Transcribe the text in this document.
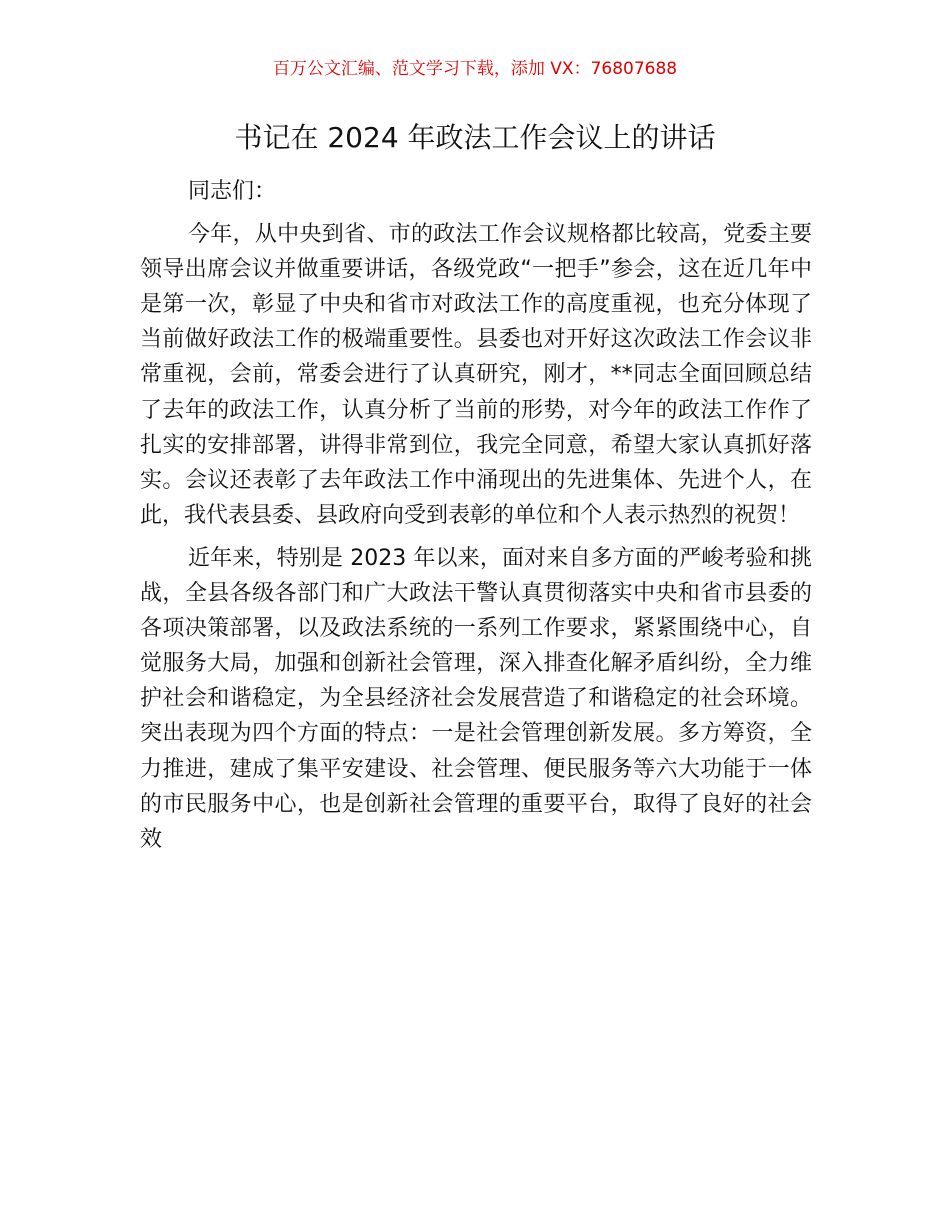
百万公文汇编、范文学习下载，添加 VX：76807688
书记在 2024 年政法工作会议上的讲话

同志们：

今年，从中央到省、市的政法工作会议规格都比较高，党委主要领导出席会议并做重要讲话，各级党政“一把手”参会，这在近几年中是第一次，彰显了中央和省市对政法工作的高度重视，也充分体现了当前做好政法工作的极端重要性。县委也对开好这次政法工作会议非常重视，会前，常委会进行了认真研究，刚才，**同志全面回顾总结了去年的政法工作，认真分析了当前的形势，对今年的政法工作作了扎实的安排部署，讲得非常到位，我完全同意，希望大家认真抓好落实。会议还表彰了去年政法工作中涌现出的先进集体、先进个人，在此，我代表县委、县政府向受到表彰的单位和个人表示热烈的祝贺！

近年来，特别是 2023 年以来，面对来自多方面的严峻考验和挑战，全县各级各部门和广大政法干警认真贯彻落实中央和省市县委的各项决策部署，以及政法系统的一系列工作要求，紧紧围绕中心，自觉服务大局，加强和创新社会管理，深入排查化解矛盾纠纷，全力维护社会和谐稳定，为全县经济社会发展营造了和谐稳定的社会环境。突出表现为四个方面的特点：一是社会管理创新发展。多方筹资，全力推进，建成了集平安建设、社会管理、便民服务等六大功能于一体的市民服务中心，也是创新社会管理的重要平台，取得了良好的社会效
